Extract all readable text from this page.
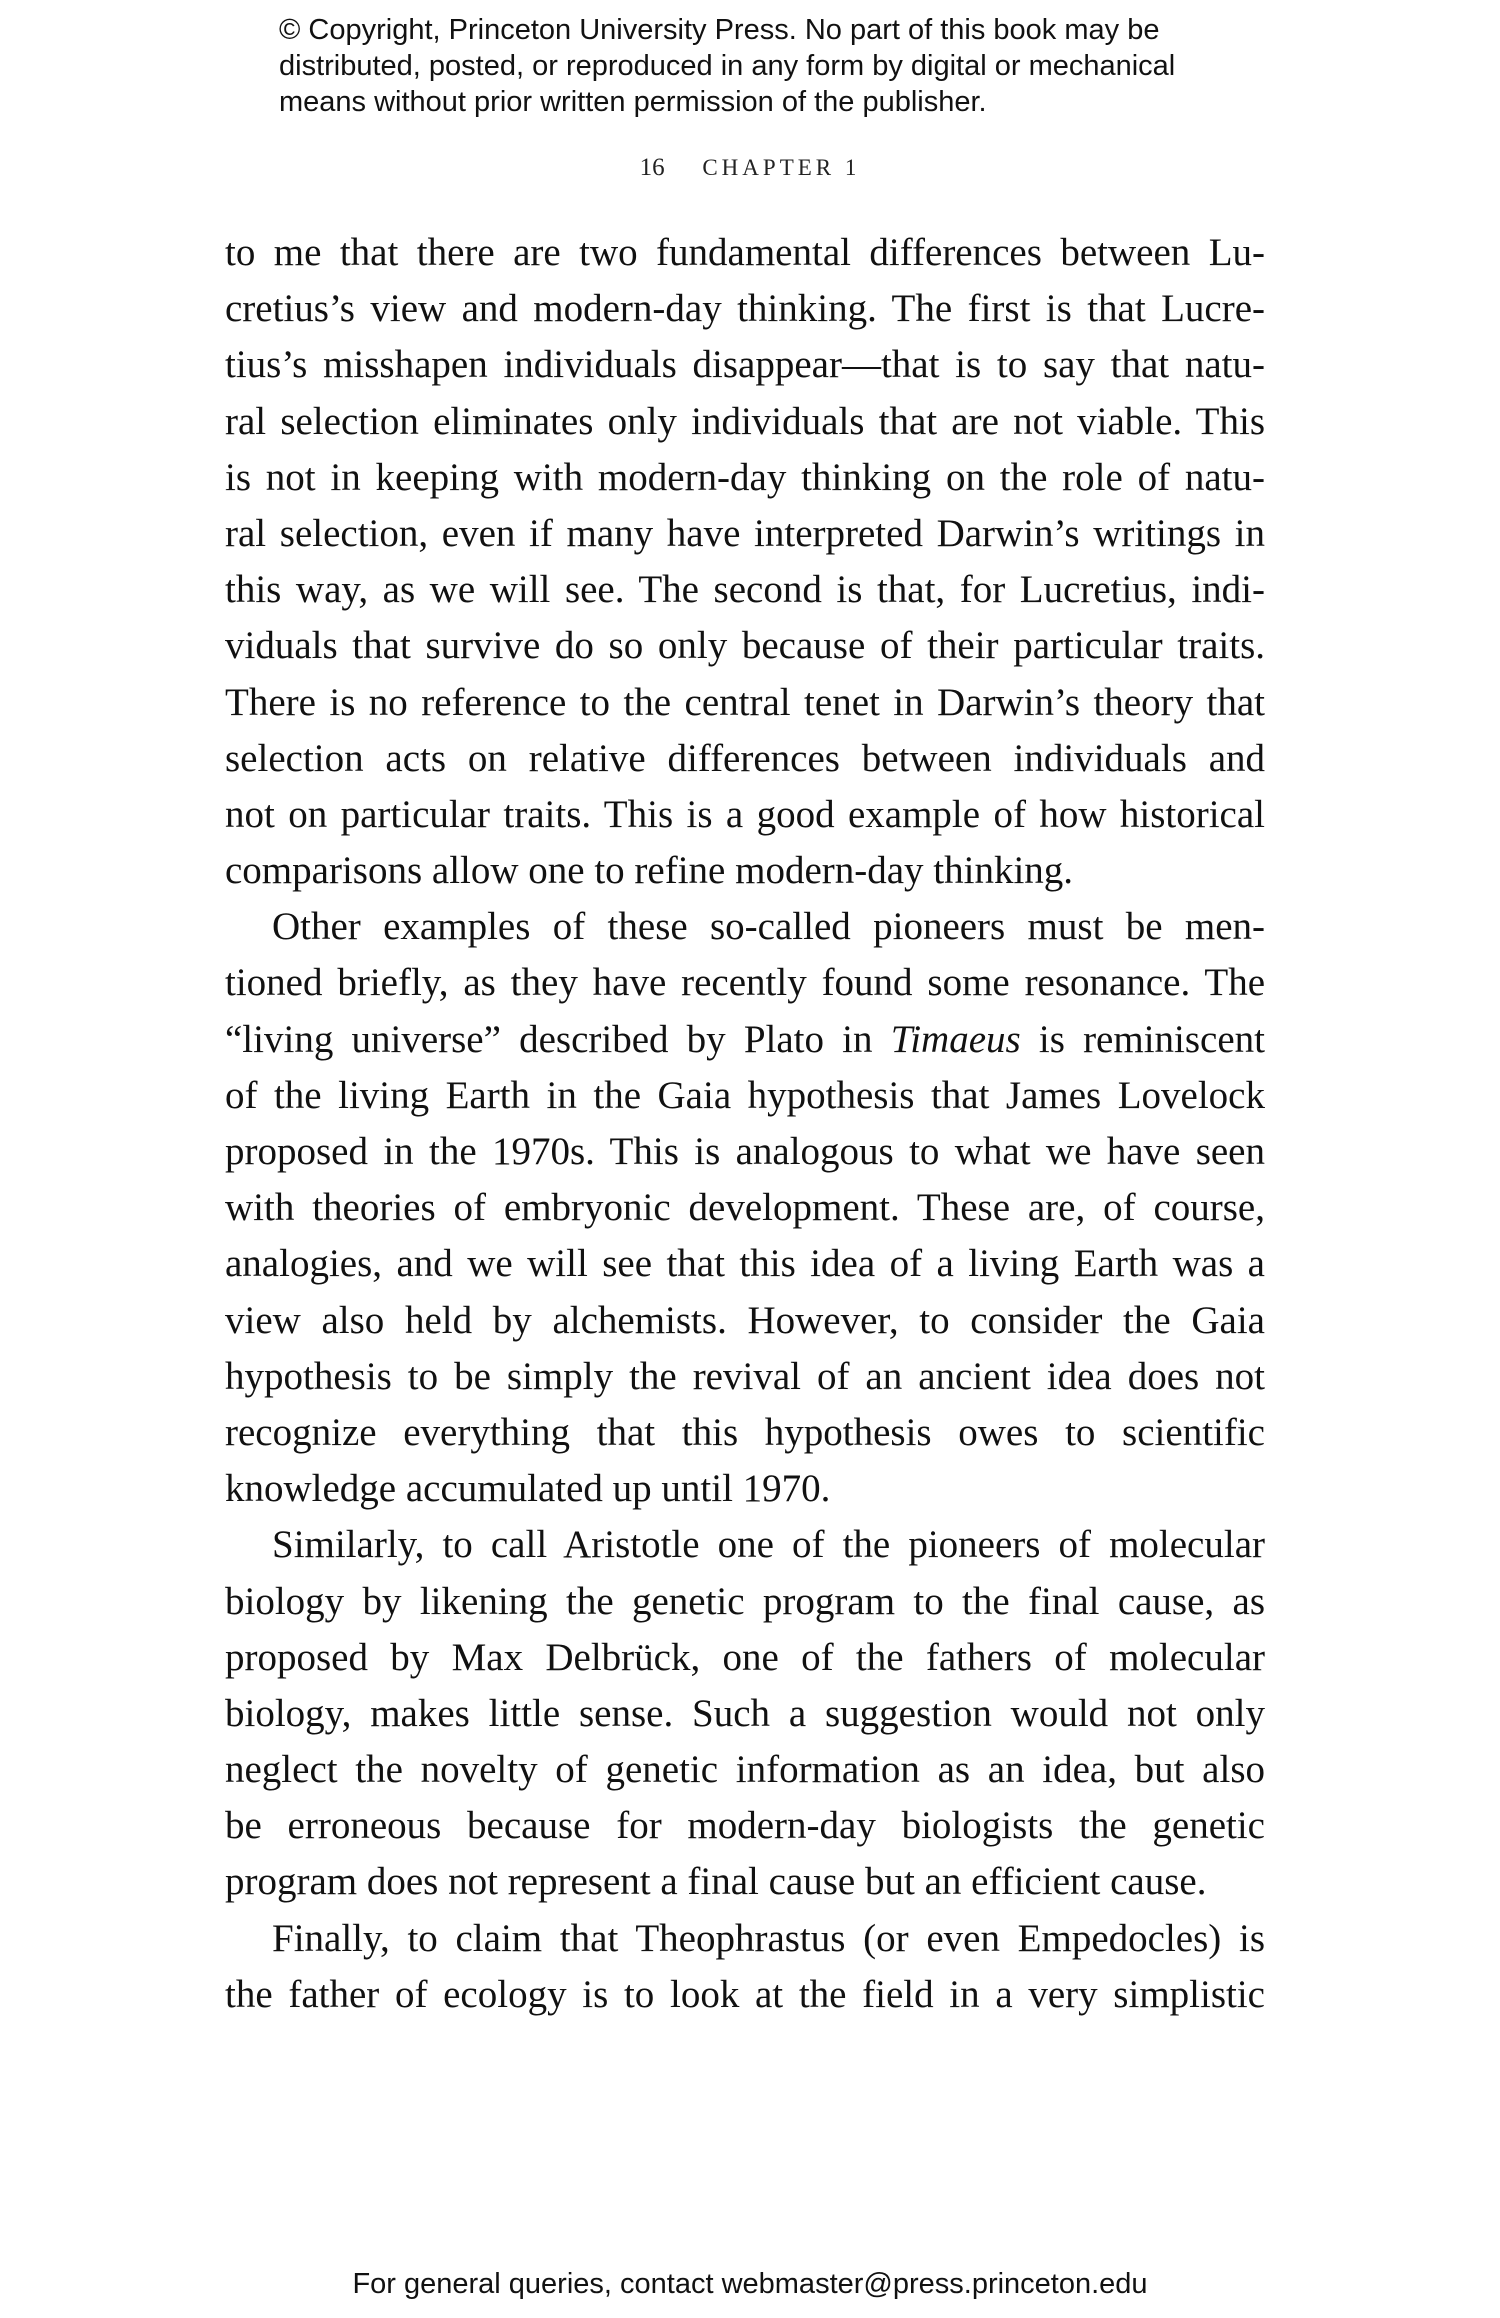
© Copyright, Princeton University Press. No part of this book may be
distributed, posted, or reproduced in any form by digital or mechanical
means without prior written permission of the publisher.
16 CHAPTER 1
to me that there are two fundamental differences between Lu-
cretius’s view and modern-day thinking. The first is that Lucre-
tius’s misshapen individuals disappear—that is to say that natu-
ral selection eliminates only individuals that are not viable. This
is not in keeping with modern-day thinking on the role of natu-
ral selection, even if many have interpreted Darwin’s writings in
this way, as we will see. The second is that, for Lucretius, indi-
viduals that survive do so only because of their particular traits.
There is no reference to the central tenet in Darwin’s theory that
selection acts on relative differences between individuals and
not on particular traits. This is a good example of how historical
comparisons allow one to refine modern-day thinking.
Other examples of these so-called pioneers must be men-
tioned briefly, as they have recently found some resonance. The
“living universe” described by Plato in Timaeus is reminiscent
of the living Earth in the Gaia hypothesis that James Lovelock
proposed in the 1970s. This is analogous to what we have seen
with theories of embryonic development. These are, of course,
analogies, and we will see that this idea of a living Earth was a
view also held by alchemists. However, to consider the Gaia
hypothesis to be simply the revival of an ancient idea does not
recognize everything that this hypothesis owes to scientific
knowledge accumulated up until 1970.
Similarly, to call Aristotle one of the pioneers of molecular
biology by likening the genetic program to the final cause, as
proposed by Max Delbrück, one of the fathers of molecular
biology, makes little sense. Such a suggestion would not only
neglect the novelty of genetic information as an idea, but also
be erroneous because for modern-day biologists the genetic
program does not represent a final cause but an efficient cause.
Finally, to claim that Theophrastus (or even Empedocles) is
the father of ecology is to look at the field in a very simplistic
For general queries, contact webmaster@press.princeton.edu
